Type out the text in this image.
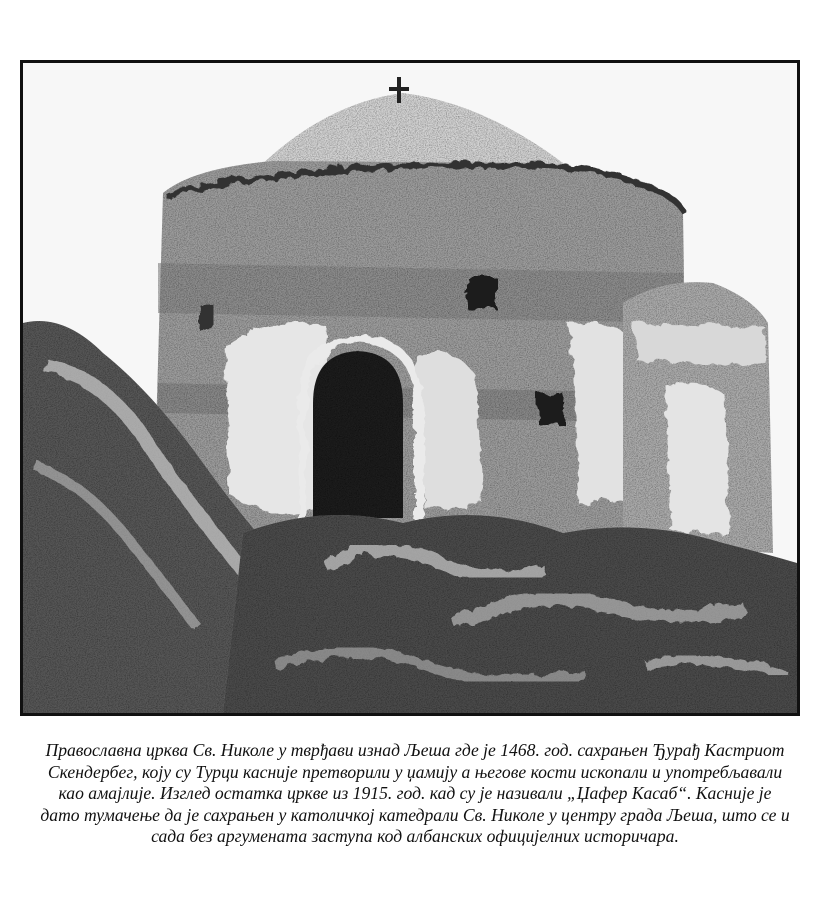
Православна црква Св. Николе у тврђави изнад Љеша где је 1468. год. сахрањен Ђурађ Кастриот Скендербег, коју су Турци касније претворили у џамију а његове кости ископали и употребљавали као амајлије. Изглед остатка цркве из 1915. год. кад су је називали „Џафер Касаб“. Касније је дато тумачење да је сахрањен у католичкој катедрали Св. Николе у центру града Љеша, што се и сада без аргумената заступа код албанских официјелних историчара.
